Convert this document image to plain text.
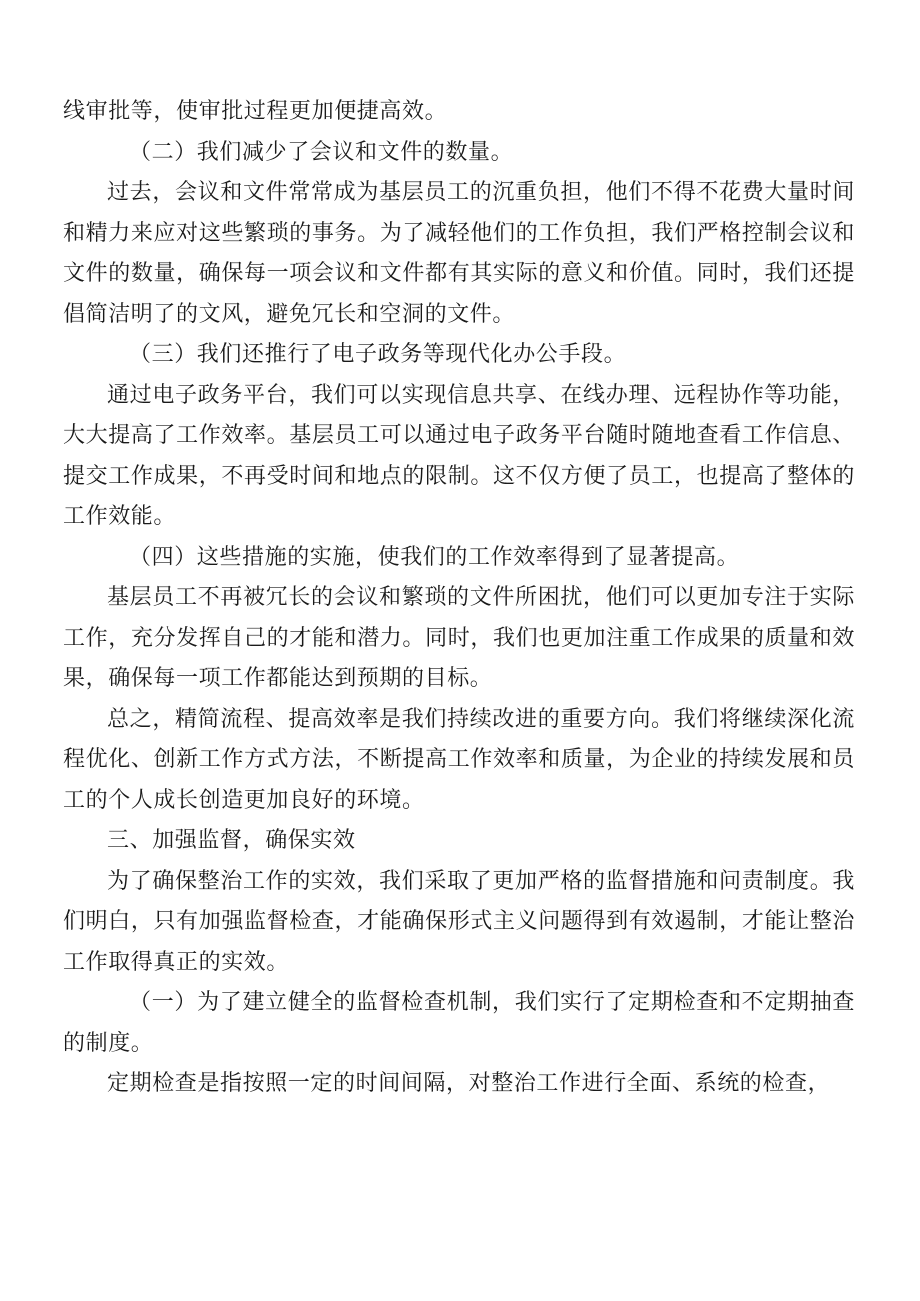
线审批等，使审批过程更加便捷高效。

（二）我们减少了会议和文件的数量。

过去，会议和文件常常成为基层员工的沉重负担，他们不得不花费大量时间和精力来应对这些繁琐的事务。为了减轻他们的工作负担，我们严格控制会议和文件的数量，确保每一项会议和文件都有其实际的意义和价值。同时，我们还提倡简洁明了的文风，避免冗长和空洞的文件。

（三）我们还推行了电子政务等现代化办公手段。

通过电子政务平台，我们可以实现信息共享、在线办理、远程协作等功能，大大提高了工作效率。基层员工可以通过电子政务平台随时随地查看工作信息、提交工作成果，不再受时间和地点的限制。这不仅方便了员工，也提高了整体的工作效能。

（四）这些措施的实施，使我们的工作效率得到了显著提高。

基层员工不再被冗长的会议和繁琐的文件所困扰，他们可以更加专注于实际工作，充分发挥自己的才能和潜力。同时，我们也更加注重工作成果的质量和效果，确保每一项工作都能达到预期的目标。

总之，精简流程、提高效率是我们持续改进的重要方向。我们将继续深化流程优化、创新工作方式方法，不断提高工作效率和质量，为企业的持续发展和员工的个人成长创造更加良好的环境。

三、加强监督，确保实效

为了确保整治工作的实效，我们采取了更加严格的监督措施和问责制度。我们明白，只有加强监督检查，才能确保形式主义问题得到有效遏制，才能让整治工作取得真正的实效。

（一）为了建立健全的监督检查机制，我们实行了定期检查和不定期抽查的制度。

定期检查是指按照一定的时间间隔，对整治工作进行全面、系统的检查，
